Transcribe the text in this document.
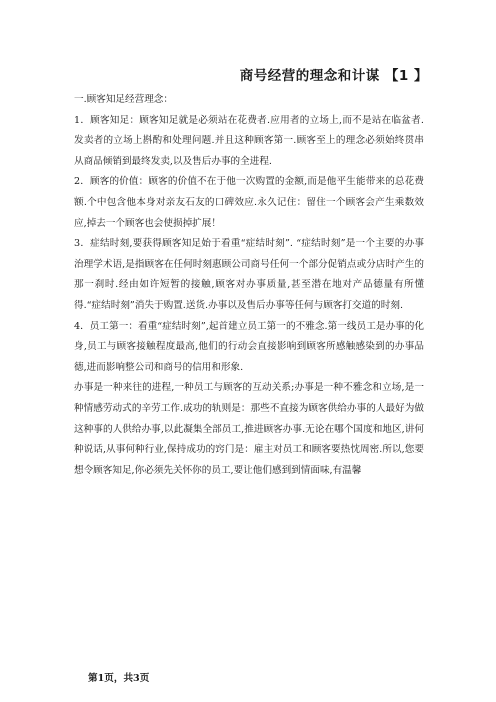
商号经营的理念和计谋 【1 】

一.顾客知足经营理念：

1．顾客知足：顾客知足就是必须站在花费者.应用者的立场上,而不是站在临盆者.发卖者的立场上斟酌和处理问题.并且这种顾客第一.顾客至上的理念必须始终贯串从商品倾销到最终发卖,以及售后办事的全进程.

2．顾客的价值：顾客的价值不在于他一次购置的金额,而是他平生能带来的总花费额.个中包含他本身对亲友石友的口碑效应.永久记住：留住一个顾客会产生乘数效应,掉去一个顾客也会使损掉扩展！

3．症结时刻,要获得顾客知足始于看重“症结时刻”. “症结时刻”是一个主要的办事治理学术语,是指顾客在任何时刻惠顾公司商号任何一个部分促销点或分店时产生的那一刹时.经由如许短暂的接触,顾客对办事质量,甚至潜在地对产品德量有所懂得.“症结时刻”消失于购置.送货.办事以及售后办事等任何与顾客打交道的时刻.

4．员工第一：看重“症结时刻”,起首建立员工第一的不雅念.第一线员工是办事的化身,员工与顾客接触程度最高,他们的行动会直接影响到顾客所感触感染到的办事品德,进而影响整公司和商号的信用和形象.

办事是一种来往的进程,一种员工与顾客的互动关系;办事是一种不雅念和立场,是一种情感劳动式的辛劳工作.成功的轨则是：那些不直接为顾客供给办事的人最好为做这种事的人供给办事,以此凝集全部员工,推进顾客办事.无论在哪个国度和地区,讲何种说话,从事何种行业,保持成功的窍门是：雇主对员工和顾客要热忱周密.所以,您要想令顾客知足,你必须先关怀你的员工,要让他们感到到情面味,有温馨

第1页，共3页
